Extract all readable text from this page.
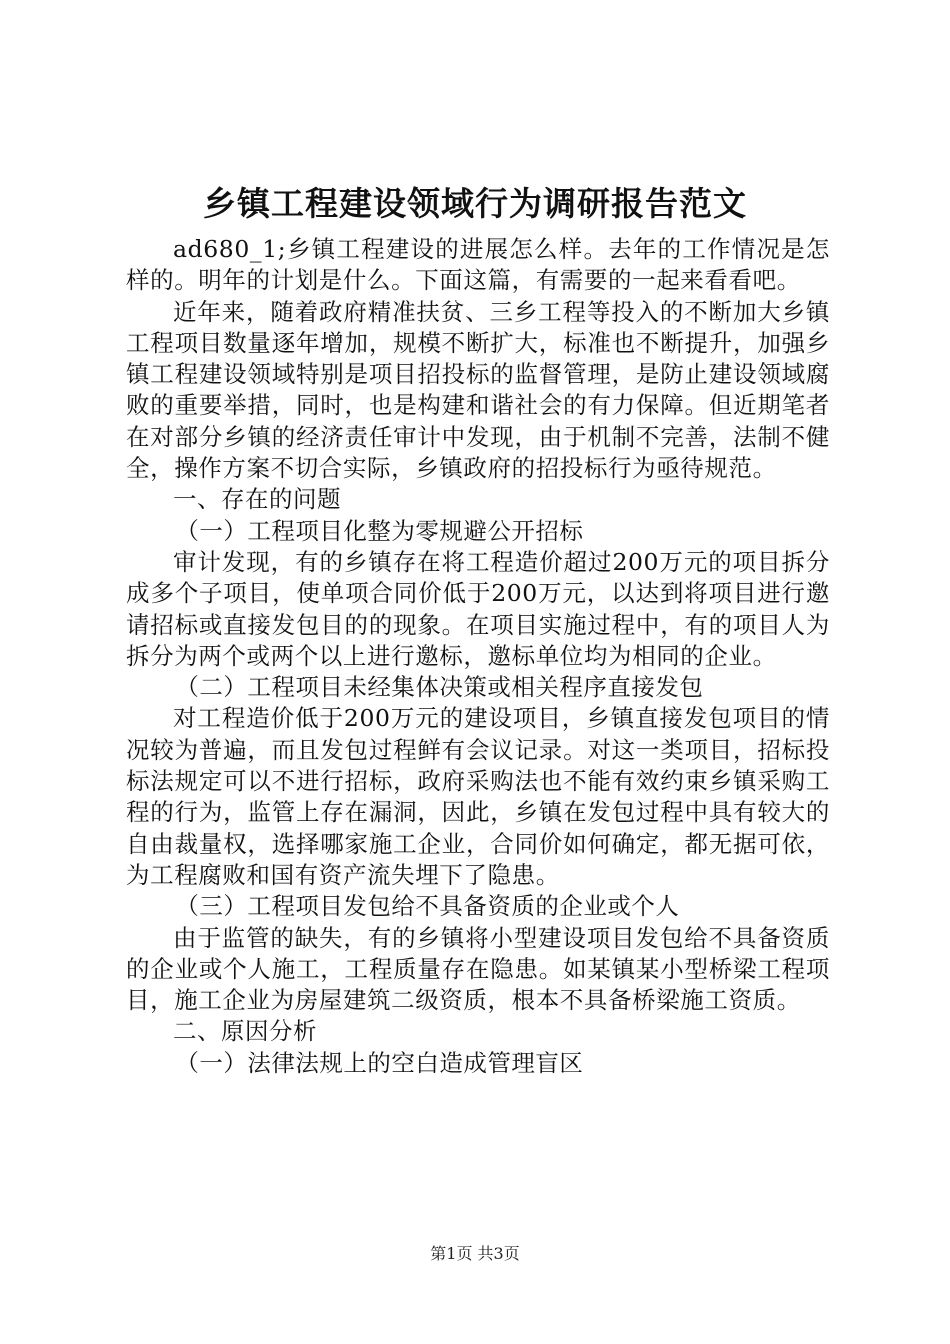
乡镇工程建设领域行为调研报告范文

ad680_1;乡镇工程建设的进展怎么样。去年的工作情况是怎样的。明年的计划是什么。下面这篇，有需要的一起来看看吧。

近年来，随着政府精准扶贫、三乡工程等投入的不断加大乡镇工程项目数量逐年增加，规模不断扩大，标准也不断提升，加强乡镇工程建设领域特别是项目招投标的监督管理，是防止建设领域腐败的重要举措，同时，也是构建和谐社会的有力保障。但近期笔者在对部分乡镇的经济责任审计中发现，由于机制不完善，法制不健全，操作方案不切合实际，乡镇政府的招投标行为亟待规范。

一、存在的问题

（一）工程项目化整为零规避公开招标

审计发现，有的乡镇存在将工程造价超过200万元的项目拆分成多个子项目，使单项合同价低于200万元，以达到将项目进行邀请招标或直接发包目的的现象。在项目实施过程中，有的项目人为拆分为两个或两个以上进行邀标，邀标单位均为相同的企业。

（二）工程项目未经集体决策或相关程序直接发包

对工程造价低于200万元的建设项目，乡镇直接发包项目的情况较为普遍，而且发包过程鲜有会议记录。对这一类项目，招标投标法规定可以不进行招标，政府采购法也不能有效约束乡镇采购工程的行为，监管上存在漏洞，因此，乡镇在发包过程中具有较大的自由裁量权，选择哪家施工企业，合同价如何确定，都无据可依，为工程腐败和国有资产流失埋下了隐患。

（三）工程项目发包给不具备资质的企业或个人

由于监管的缺失，有的乡镇将小型建设项目发包给不具备资质的企业或个人施工，工程质量存在隐患。如某镇某小型桥梁工程项目，施工企业为房屋建筑二级资质，根本不具备桥梁施工资质。

二、原因分析

（一）法律法规上的空白造成管理盲区

第1页 共3页
